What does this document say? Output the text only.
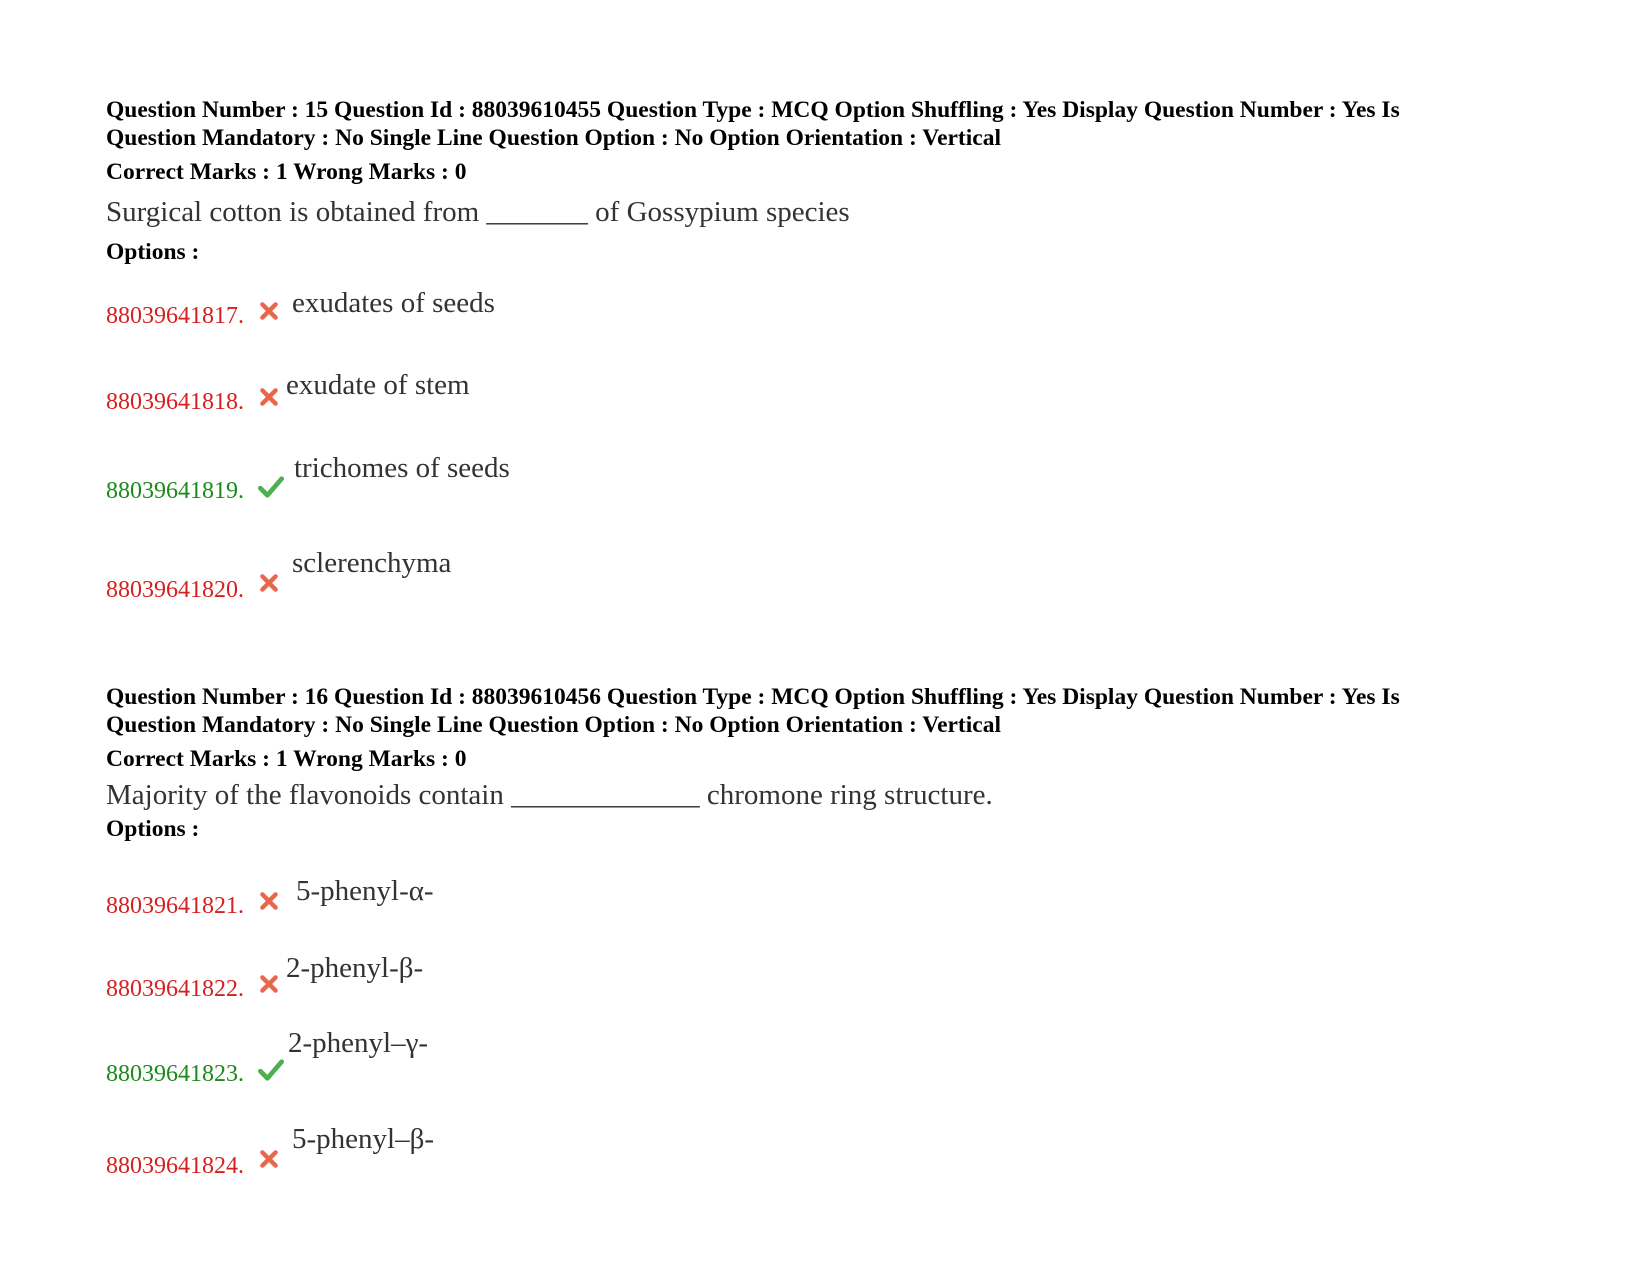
Question Number : 15 Question Id : 88039610455 Question Type : MCQ Option Shuffling : Yes Display Question Number : Yes Is
Question Mandatory : No Single Line Question Option : No Option Orientation : Vertical
Correct Marks : 1 Wrong Marks : 0
Surgical cotton is obtained from _______ of Gossypium species
Options :
88039641817. exudates of seeds
88039641818.
exudate of stem
88039641819.
trichomes of seeds
88039641820.
sclerenchyma
Question Number : 16 Question Id : 88039610456 Question Type : MCQ Option Shuffling : Yes Display Question Number : Yes Is
Question Mandatory : No Single Line Question Option : No Option Orientation : Vertical
Correct Marks : 1 Wrong Marks : 0
Majority of the flavonoids contain _____________ chromone ring structure.
Options :
88039641821. 5-phenyl-α-
88039641822.
2-phenyl-β-
88039641823.
2-phenyl–γ-
88039641824.
5-phenyl–β-
